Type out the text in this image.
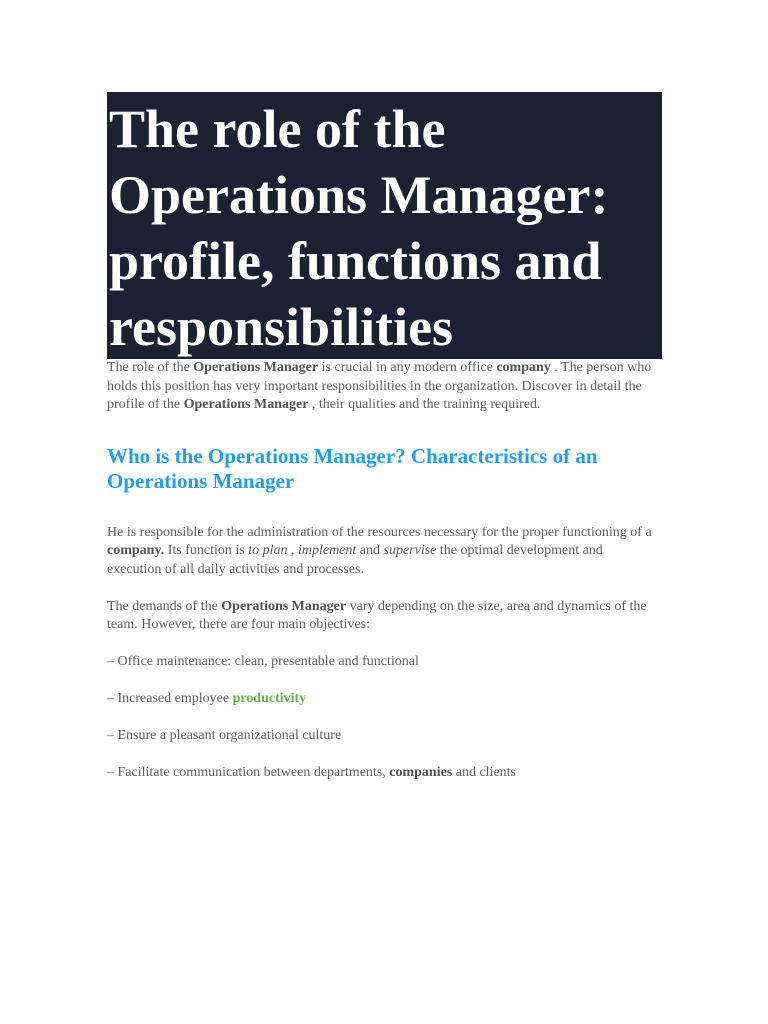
The role of the
Operations Manager:
profile, functions and
responsibilities

The role of the Operations Manager is crucial in any modern office company . The person who holds this position has very important responsibilities in the organization. Discover in detail the profile of the Operations Manager , their qualities and the training required.

Who is the Operations Manager? Characteristics of an Operations Manager

He is responsible for the administration of the resources necessary for the proper functioning of a company. Its function is to plan , implement and supervise the optimal development and execution of all daily activities and processes.

The demands of the Operations Manager vary depending on the size, area and dynamics of the team. However, there are four main objectives:

– Office maintenance: clean, presentable and functional

– Increased employee productivity

– Ensure a pleasant organizational culture

– Facilitate communication between departments, companies and clients
